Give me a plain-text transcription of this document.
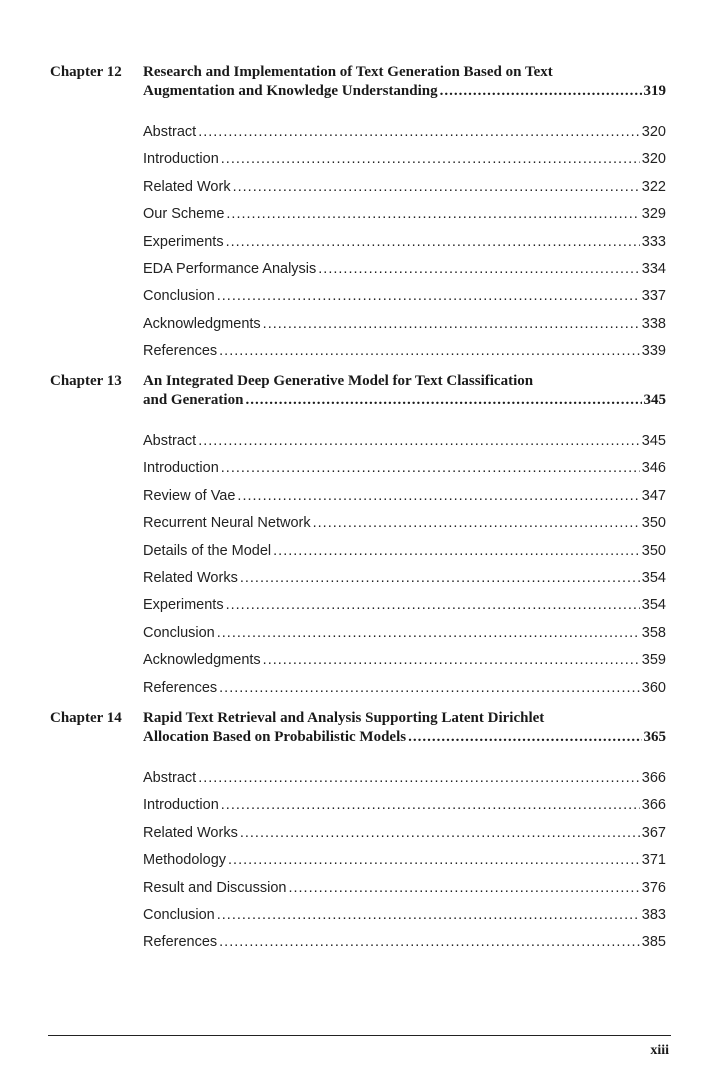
Chapter 12	Research and Implementation of Text Generation Based on Text
Augmentation and Knowledge Understanding .....	319
Abstract .....	320
Introduction .....	320
Related Work .....	322
Our Scheme .....	329
Experiments .....	333
EDA Performance Analysis .....	334
Conclusion .....	337
Acknowledgments .....	338
References .....	339
Chapter 13	An Integrated Deep Generative Model for Text Classification
and Generation .....	345
Abstract .....	345
Introduction .....	346
Review of Vae .....	347
Recurrent Neural Network .....	350
Details of the Model .....	350
Related Works .....	354
Experiments .....	354
Conclusion .....	358
Acknowledgments .....	359
References .....	360
Chapter 14	Rapid Text Retrieval and Analysis Supporting Latent Dirichlet
Allocation Based on Probabilistic Models .....	365
Abstract .....	366
Introduction .....	366
Related Works .....	367
Methodology .....	371
Result and Discussion .....	376
Conclusion .....	383
References .....	385
xiii
